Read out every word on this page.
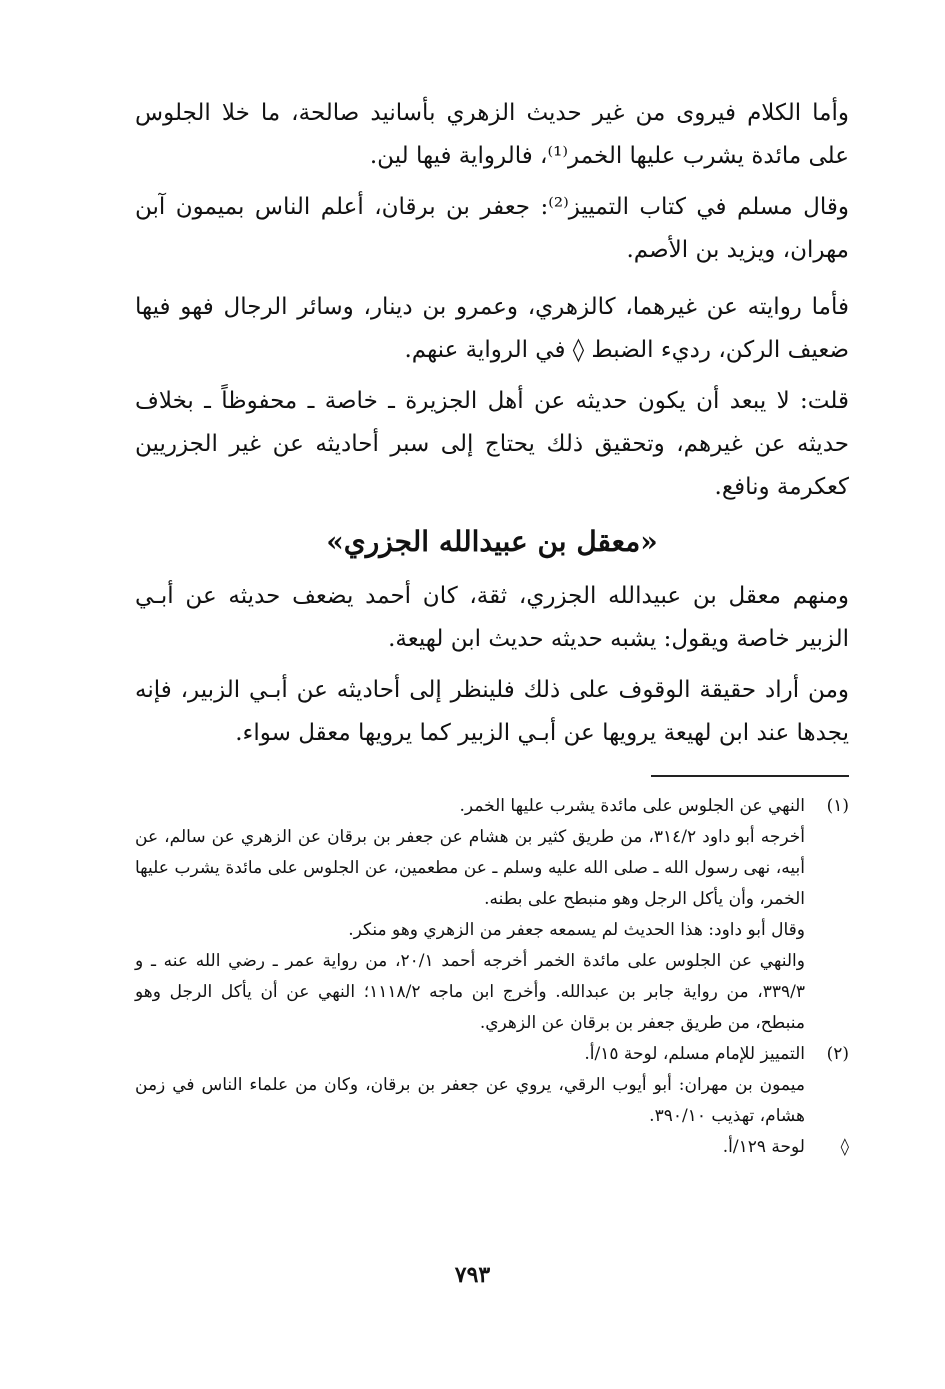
وأما الكلام فيروى من غير حديث الزهري بأسانيد صالحة، ما خلا الجلوس على مائدة يشرب عليها الخمر⁽¹⁾، فالرواية فيها لين.

وقال مسلم في كتاب التمييز⁽²⁾: جعفر بن برقان، أعلم الناس بميمون آبن مهران، ويزيد بن الأصم.

فأما روايته عن غيرهما، كالزهري، وعمرو بن دينار، وسائر الرجال فهو فيها ضعيف الركن، رديء الضبط ◊ في الرواية عنهم.

قلت: لا يبعد أن يكون حديثه عن أهل الجزيرة ـ خاصة ـ محفوظاً ـ بخلاف حديثه عن غيرهم، وتحقيق ذلك يحتاج إلى سبر أحاديثه عن غير الجزريين كعكرمة ونافع.

«معقل بن عبيدالله الجزري»

ومنهم معقل بن عبيدالله الجزري، ثقة، كان أحمد يضعف حديثه عن أبـي الزبير خاصة ويقول: يشبه حديثه حديث ابن لهيعة.

ومن أراد حقيقة الوقوف على ذلك فلينظر إلى أحاديثه عن أبـي الزبير، فإنه يجدها عند ابن لهيعة يرويها عن أبـي الزبير كما يرويها معقل سواء.

(١)

النهي عن الجلوس على مائدة يشرب عليها الخمر.

أخرجه أبو داود ٣١٤/٢، من طريق كثير بن هشام عن جعفر بن برقان عن الزهري عن سالم، عن أبيه، نهى رسول الله ـ صلى الله عليه وسلم ـ عن مطعمين، عن الجلوس على مائدة يشرب عليها الخمر، وأن يأكل الرجل وهو منبطح على بطنه.

وقال أبو داود: هذا الحديث لم يسمعه جعفر من الزهري وهو منكر.

والنهي عن الجلوس على مائدة الخمر أخرجه أحمد ٢٠/١، من رواية عمر ـ رضي الله عنه ـ و ٣٣٩/٣، من رواية جابر بن عبدالله. وأخرج ابن ماجه ١١١٨/٢؛ النهي عن أن يأكل الرجل وهو منبطح، من طريق جعفر بن برقان عن الزهري.

(٢)

التمييز للإمام مسلم، لوحة ١٥/أ.

ميمون بن مهران: أبو أيوب الرقي، يروي عن جعفر بن برقان، وكان من علماء الناس في زمن هشام، تهذيب ٣٩٠/١٠.

◊

لوحة ١٢٩/أ.

٧٩٣
